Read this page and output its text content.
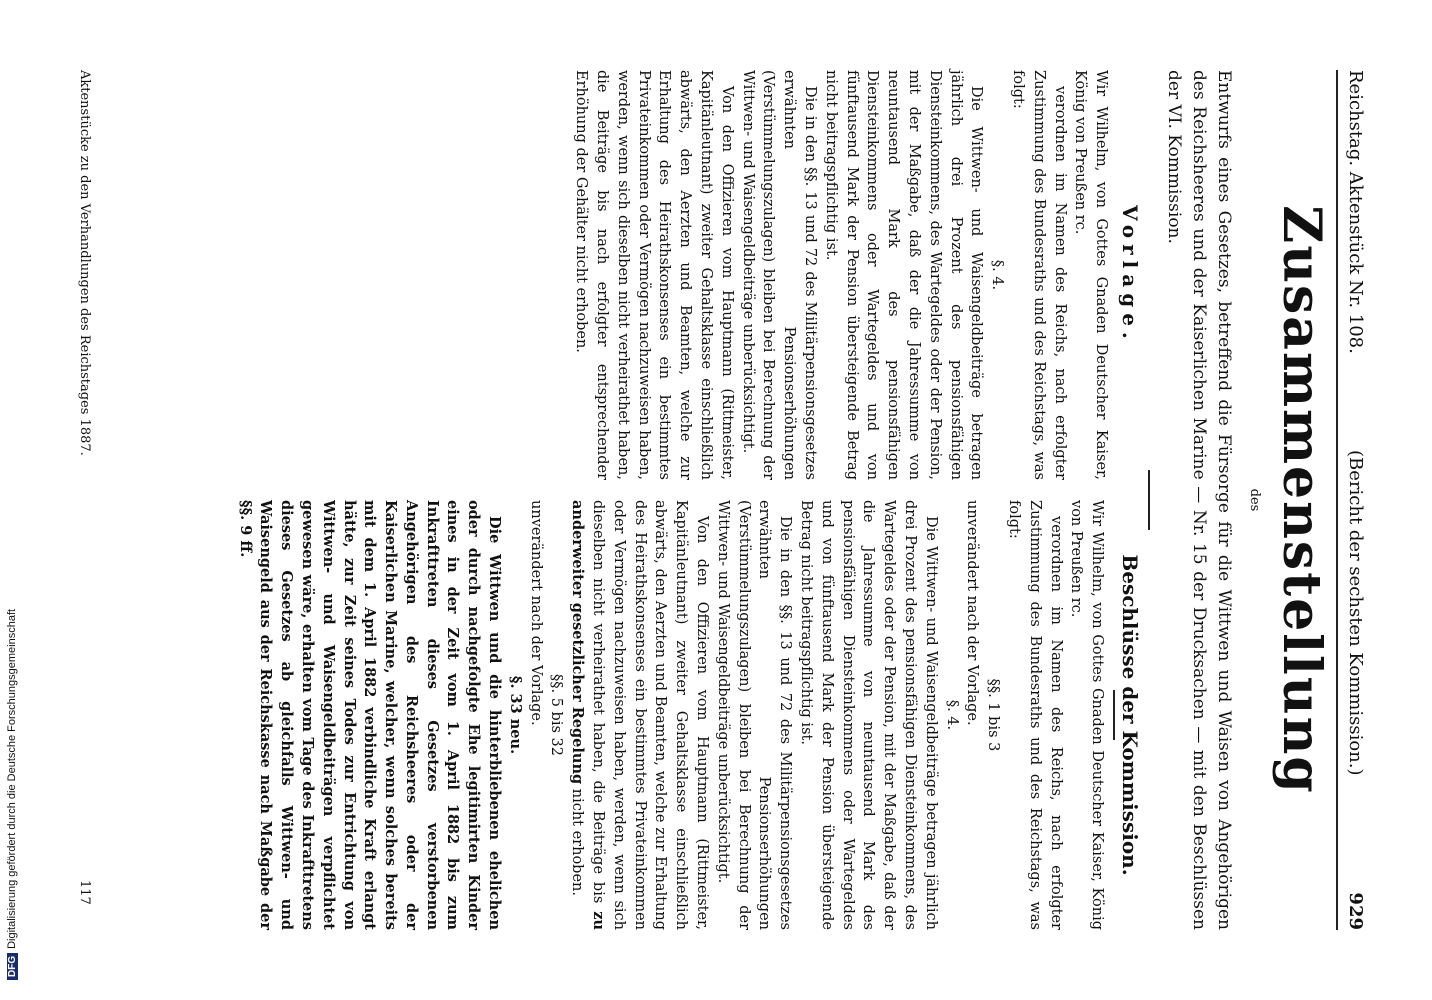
Reichstag. Aktenstück Nr. 108.
(Bericht der sechsten Kommission.)
929
Zusammenstellung
des
Entwurfs eines Gesetzes, betreffend die Fürsorge für die Wittwen und Waisen von Angehörigen des Reichsheeres und der Kaiserlichen Marine — Nr. 15 der Drucksachen — mit den Beschlüssen der VI. Kommission.
Vorlage.

Wir Wilhelm, von Gottes Gnaden Deutscher Kaiser, König von Preußen rc.

verordnen im Namen des Reichs, nach erfolgter Zustimmung des Bundesraths und des Reichstags, was folgt:

§. 4.

Die Wittwen- und Waisengeldbeiträge betragen jährlich drei Prozent des pensionsfähigen Diensteinkommens, des Wartegeldes oder der Pension, mit der Maßgabe, daß der die Jahressumme von neuntausend Mark des pensionsfähigen Diensteinkommens oder Wartegeldes und von fünftausend Mark der Pension übersteigende Betrag nicht beitragspflichtig ist.

Die in den §§. 13 und 72 des Militärpensionsgesetzes erwähnten Pensionserhöhungen (Verstümmelungszulagen) bleiben bei Berechnung der Wittwen- und Waisengeldbeiträge unberücksichtigt.

Von den Offizieren vom Hauptmann (Rittmeister, Kapitänleutnant) zweiter Gehaltsklasse einschließlich abwärts, den Aerzten und Beamten, welche zur Erhaltung des Heirathskonsenses ein bestimmtes Privateinkommen oder Vermögen nachzuweisen haben, werden, wenn sich dieselben nicht verheirathet haben, die Beiträge bis nach erfolgter entsprechender Erhöhung der Gehälter nicht erhoben.

Beschlüsse der Kommission.

Wir Wilhelm, von Gottes Gnaden Deutscher Kaiser, König von Preußen rc.

verordnen im Namen des Reichs, nach erfolgter Zustimmung des Bundesraths und des Reichstags, was folgt:

§§. 1 bis 3

unverändert nach der Vorlage.

§. 4.

Die Wittwen- und Waisengeldbeiträge betragen jährlich drei Prozent des pensionsfähigen Diensteinkommens, des Wartegeldes oder der Pension, mit der Maßgabe, daß der die Jahressumme von neuntausend Mark des pensionsfähigen Diensteinkommens oder Wartegeldes und von fünftausend Mark der Pension übersteigende Betrag nicht beitragspflichtig ist.

Die in den §§. 13 und 72 des Militärpensionsgesetzes erwähnten Pensionserhöhungen (Verstümmelungszulagen) bleiben bei Berechnung der Wittwen- und Waisengeldbeiträge unberücksichtigt.

Von den Offizieren vom Hauptmann (Rittmeister, Kapitänleutnant) zweiter Gehaltsklasse einschließlich abwärts, den Aerzten und Beamten, welche zur Erhaltung des Heirathskonsenses ein bestimmtes Privateinkommen oder Vermögen nachzuweisen haben, werden, wenn sich dieselben nicht verheirathet haben, die Beiträge bis zu anderweiter gesetzlicher Regelung nicht erhoben.

§§. 5 bis 32

unverändert nach der Vorlage.

§. 33 neu.

Die Wittwen und die hinterbliebenen ehelichen oder durch nachgefolgte Ehe legitimirten Kinder eines in der Zeit vom 1. April 1882 bis zum Inkrafttreten dieses Gesetzes verstorbenen Angehörigen des Reichsheeres oder der Kaiserlichen Marine, welcher, wenn solches bereits mit dem 1. April 1882 verbindliche Kraft erlangt hätte, zur Zeit seines Todes zur Entrichtung von Wittwen- und Waisengeldbeiträgen verpflichtet gewesen wäre, erhalten vom Tage des Inkrafttretens dieses Gesetzes ab gleichfalls Wittwen- und Waisengeld aus der Reichskasse nach Maßgabe der §§. 9 ff.

Aktenstücke zu den Verhandlungen des Reichstages 1887.
117
DFGDigitalisierung gefördert durch die Deutsche Forschungsgemeinschaft
